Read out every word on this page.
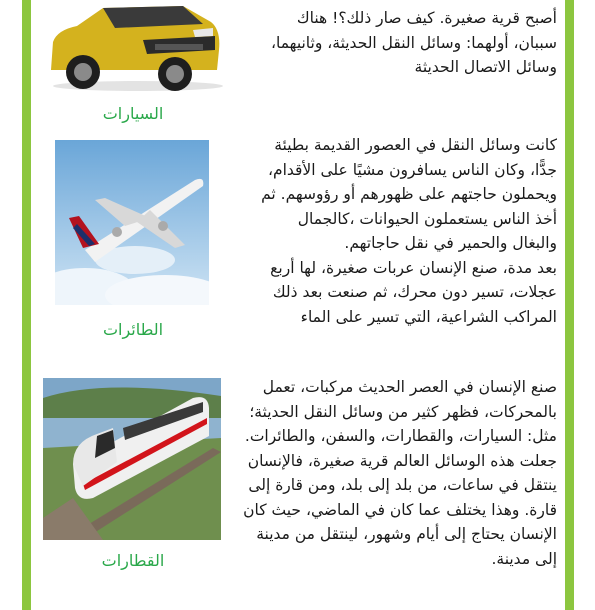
أصبح قرية صغيرة. كيف صار ذلك؟! هناك
سببان، أولهما: وسائل النقل الحديثة، وثانيهما،
وسائل الاتصال الحديثة
السيارات
كانت وسائل النقل في العصور القديمة بطيئة
جدًّا، وكان الناس يسافرون مشيًا على الأقدام،
ويحملون حاجتهم على ظهورهم أو رؤوسهم. ثم
أخذ الناس يستعملون الحيوانات ،كالجمال
والبغال والحمير في نقل حاجاتهم.
بعد مدة، صنع الإنسان عربات صغيرة، لها أربع
عجلات، تسير دون محرك، ثم صنعت بعد ذلك
المراكب الشراعية، التي تسير على الماء
الطائرات
صنع الإنسان في العصر الحديث مركبات، تعمل
بالمحركات، فظهر كثير من وسائل النقل الحديثة؛
مثل: السيارات، والقطارات، والسفن، والطائرات.
جعلت هذه الوسائل العالم قرية صغيرة، فالإنسان
ينتقل في ساعات، من بلد إلى بلد، ومن قارة إلى
قارة. وهذا يختلف عما كان في الماضي، حيث كان
الإنسان يحتاج إلى أيام وشهور، لينتقل من مدينة
إلى مدينة.
القطارات
